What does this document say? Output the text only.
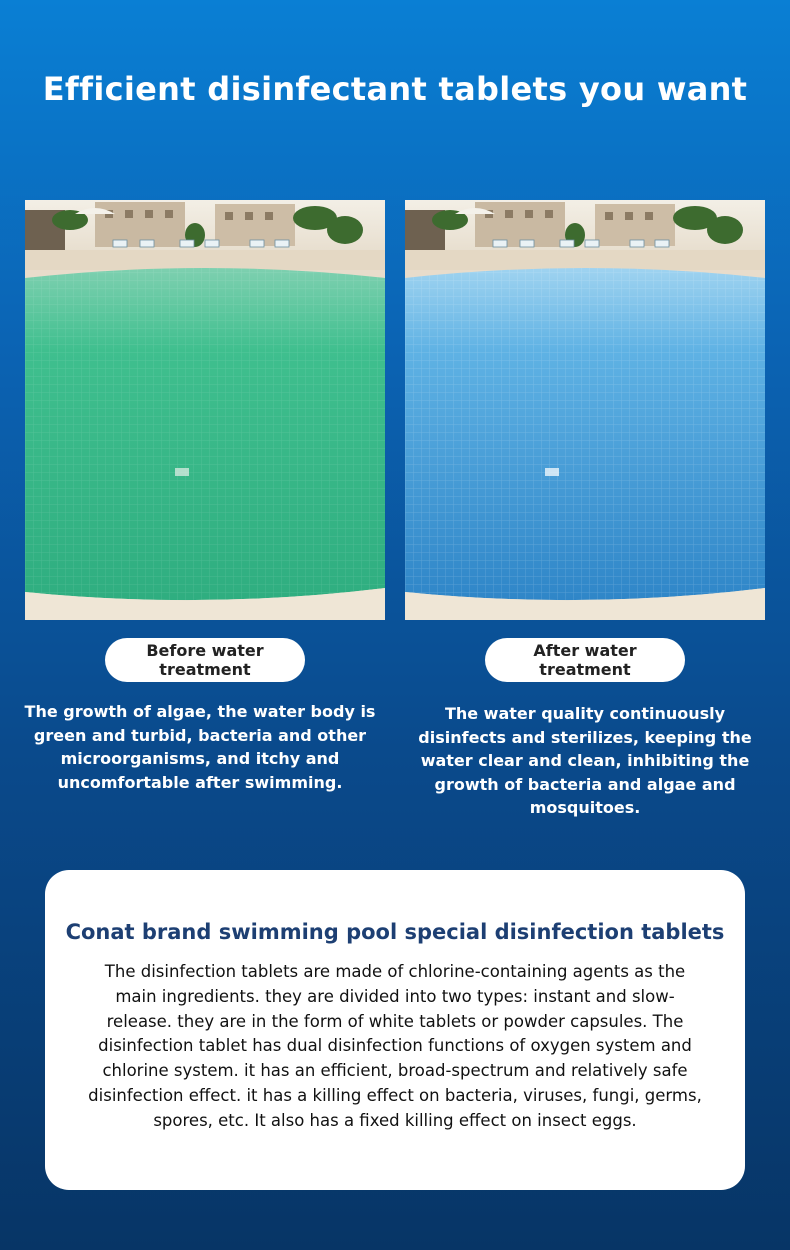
Efficient disinfectant tablets you want
Before water treatment
After water treatment
The growth of algae, the water body is green and turbid, bacteria and other microorganisms, and itchy and uncomfortable after swimming.
The water quality continuously disinfects and sterilizes, keeping the water clear and clean, inhibiting the growth of bacteria and algae and mosquitoes.
Conat brand swimming pool special disinfection tablets
The disinfection tablets are made of chlorine-containing agents as the main ingredients. they are divided into two types: instant and slow-release. they are in the form of white tablets or powder capsules. The disinfection tablet has dual disinfection functions of oxygen system and chlorine system. it has an efficient, broad-spectrum and relatively safe disinfection effect. it has a killing effect on bacteria, viruses, fungi, germs, spores, etc. It also has a fixed killing effect on insect eggs.
